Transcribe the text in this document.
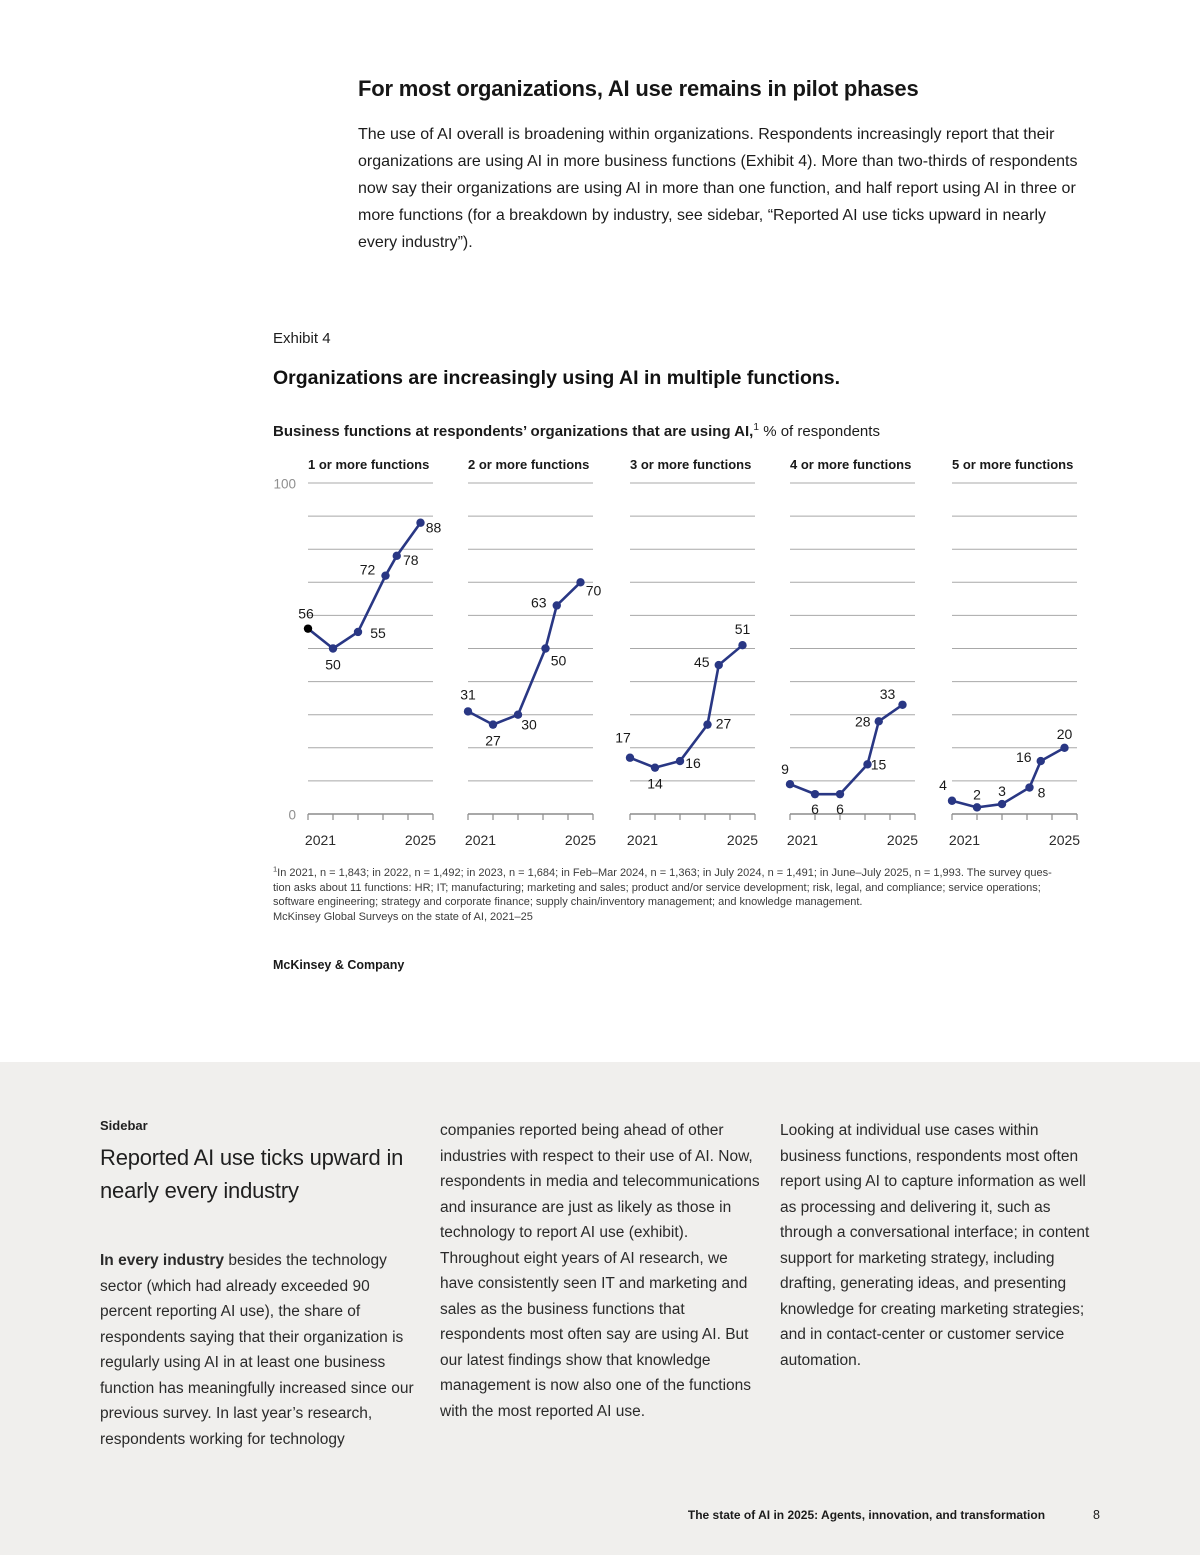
For most organizations, AI use remains in pilot phases

The use of AI overall is broadening within organizations. Respondents increasingly report that their organizations are using AI in more business functions (Exhibit 4). More than two-thirds of respondents now say their organizations are using AI in more than one function, and half report using AI in three or more functions (for a breakdown by industry, see sidebar, “Reported AI use ticks upward in nearly every industry”).

Exhibit 4
Organizations are increasingly using AI in multiple functions.
Business functions at respondents’ organizations that are using AI,$^1$ % of respondents
100
0
1 or more functions
2021	2025
56
50
55
72
78
88
2 or more functions
2021	2025
31
27
30
50
63
70
3 or more functions
2021	2025
17
14
16
27
45
51
4 or more functions
2021	2025
9
6 6
15
28
33
5 or more functions
2021	2025
4
2 3 8
16
20
$^1$In 2021, n = 1,843; in 2022, n = 1,492; in 2023, n = 1,684; in Feb–Mar 2024, n = 1,363; in July 2024, n = 1,491; in June–July 2025, n = 1,993. The survey ques-
tion asks about 11 functions: HR; IT; manufacturing; marketing and sales; product and/or service development; risk, legal, and compliance; service operations;
software engineering; strategy and corporate finance; supply chain/inventory management; and knowledge management.
McKinsey Global Surveys on the state of AI, 2021–25
McKinsey & Company

Sidebar

Reported AI use ticks upward in nearly every industry

In every industry besides the technology sector (which had already exceeded 90 percent reporting AI use), the share of respondents saying that their organization is regularly using AI in at least one business function has meaningfully increased since our previous survey. In last year’s research, respondents working for technology

companies reported being ahead of other industries with respect to their use of AI. Now, respondents in media and telecommunications and insurance are just as likely as those in technology to report AI use (exhibit). Throughout eight years of AI research, we have consistently seen IT and marketing and sales as the business functions that respondents most often say are using AI. But our latest findings show that knowledge management is now also one of the functions with the most reported AI use.

Looking at individual use cases within business functions, respondents most often report using AI to capture information as well as processing and delivering it, such as through a conversational interface; in content support for marketing strategy, including drafting, generating ideas, and presenting knowledge for creating marketing strategies; and in contact-center or customer service automation.

The state of AI in 2025: Agents, innovation, and transformation	8
